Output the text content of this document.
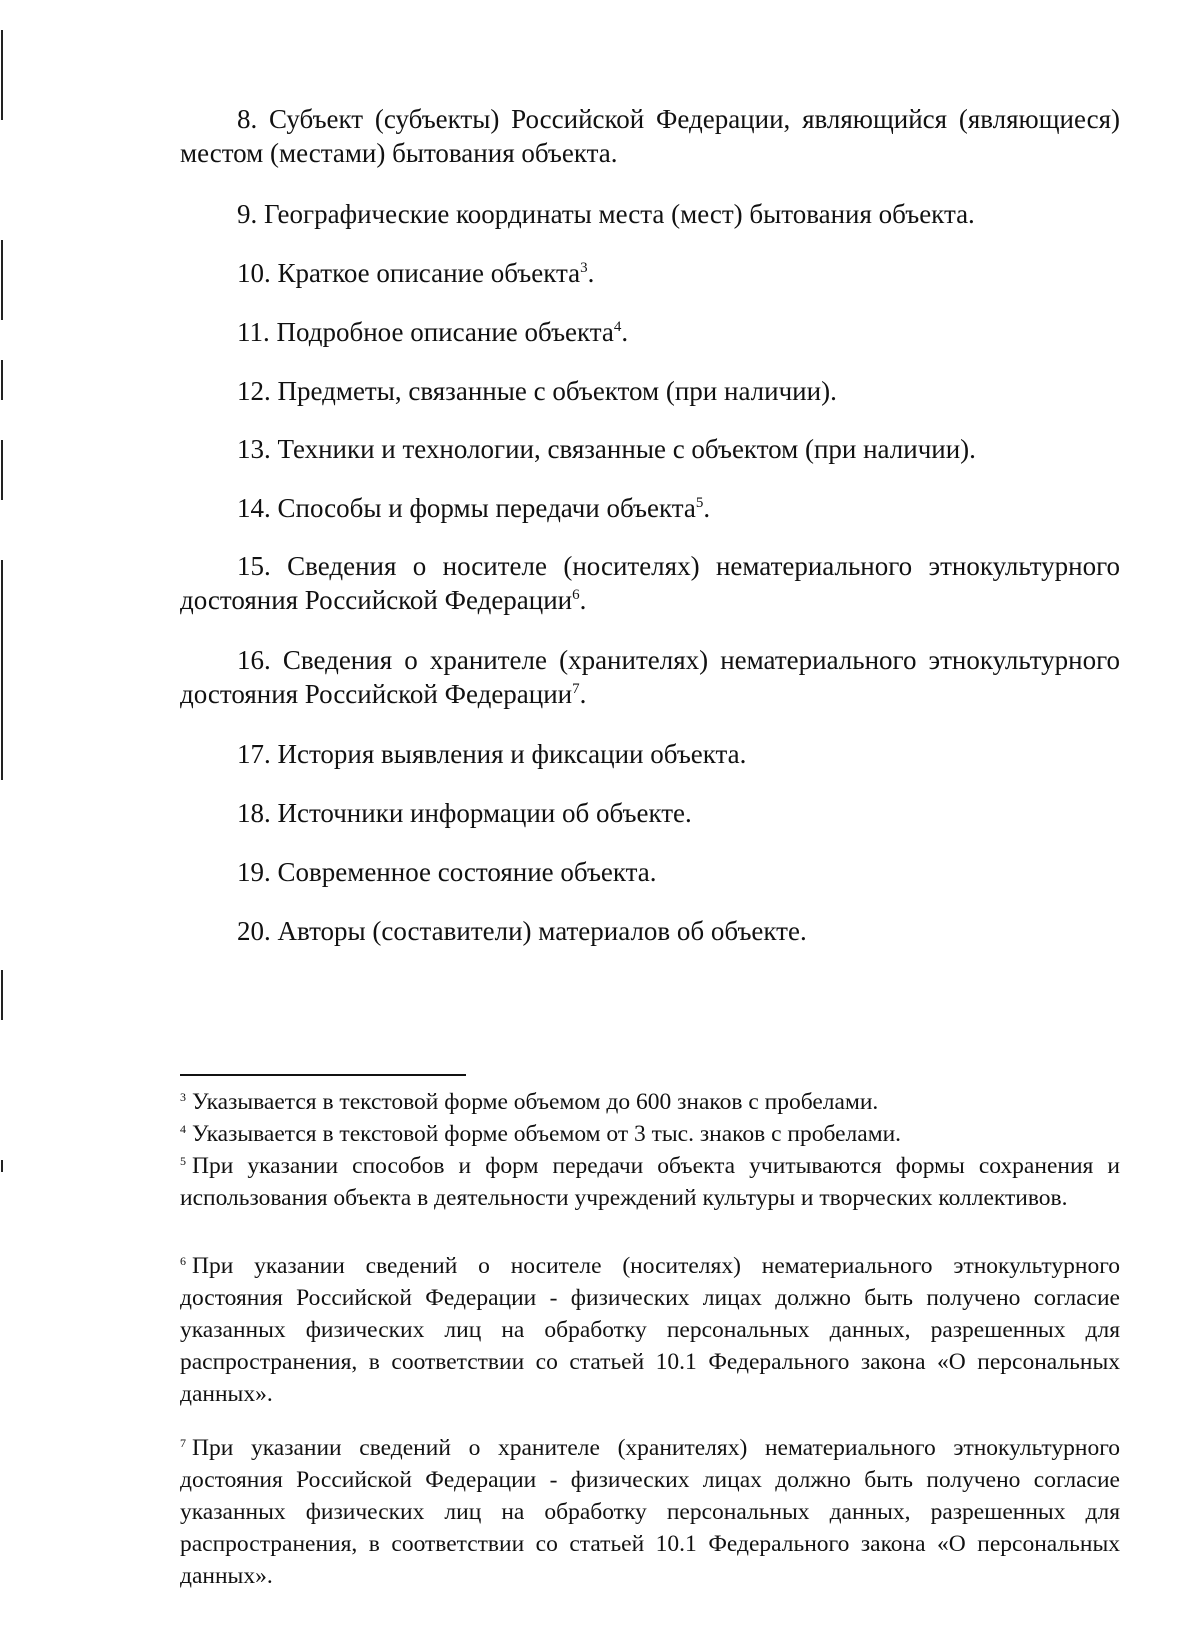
8. Субъект (субъекты) Российской Федерации, являющийся (являющиеся) местом (местами) бытования объекта.

9. Географические координаты места (мест) бытования объекта.

10. Краткое описание объекта$^3$.

11. Подробное описание объекта$^4$.

12. Предметы, связанные с объектом (при наличии).

13. Техники и технологии, связанные с объектом (при наличии).

14. Способы и формы передачи объекта$^5$.

15. Сведения о носителе (носителях) нематериального этнокультурного достояния Российской Федерации$^6$.

16. Сведения о хранителе (хранителях) нематериального этнокультурного достояния Российской Федерации$^7$.

17. История выявления и фиксации объекта.

18. Источники информации об объекте.

19. Современное состояние объекта.

20. Авторы (составители) материалов об объекте.

3 Указывается в текстовой форме объемом до 600 знаков с пробелами.

4 Указывается в текстовой форме объемом от 3 тыс. знаков с пробелами.

5 При указании способов и форм передачи объекта учитываются формы сохранения и использования объекта в деятельности учреждений культуры и творческих коллективов.

6 При указании сведений о носителе (носителях) нематериального этнокультурного достояния Российской Федерации - физических лицах должно быть получено согласие указанных физических лиц на обработку персональных данных, разрешенных для распространения, в соответствии со статьей 10.1 Федерального закона «О персональных данных».

7 При указании сведений о хранителе (хранителях) нематериального этнокультурного достояния Российской Федерации - физических лицах должно быть получено согласие указанных физических лиц на обработку персональных данных, разрешенных для распространения, в соответствии со статьей 10.1 Федерального закона «О персональных данных».
